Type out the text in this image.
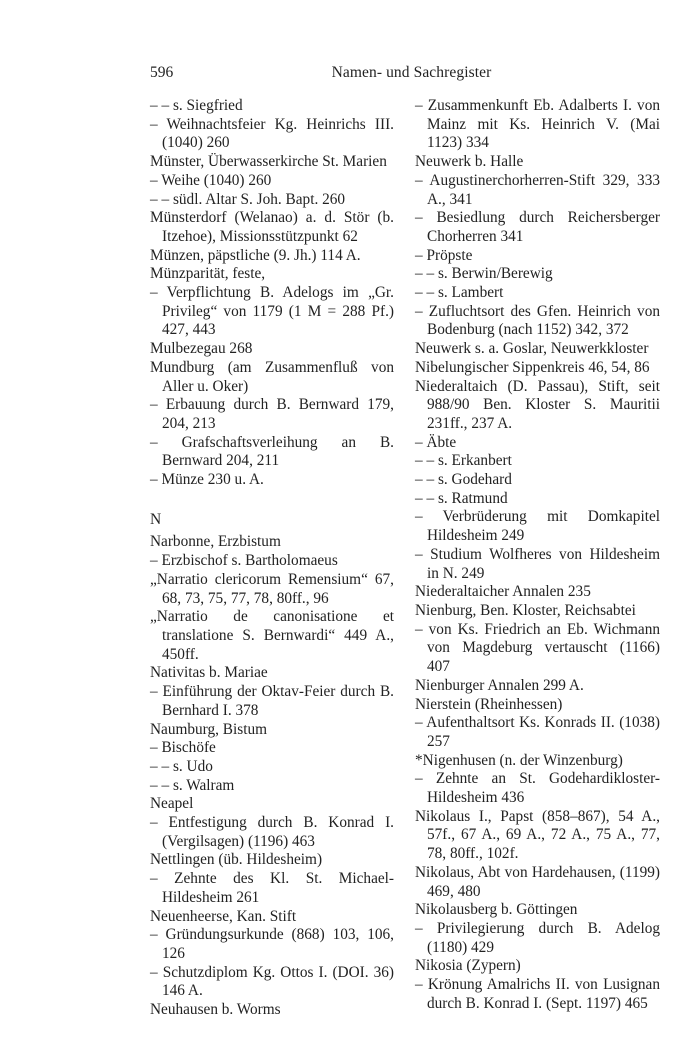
596	Namen- und Sachregister

– – s. Siegfried

– Weihnachtsfeier Kg. Heinrichs III. (1040) 260

Münster, Überwasserkirche St. Marien

– Weihe (1040) 260

– – südl. Altar S. Joh. Bapt. 260

Münsterdorf (Welanao) a. d. Stör (b. Itzehoe), Missionsstützpunkt 62

Münzen, päpstliche (9. Jh.) 114 A.

Münzparität, feste,

– Verpflichtung B. Adelogs im „Gr. Privileg“ von 1179 (1 M = 288 Pf.) 427, 443

Mulbezegau 268

Mundburg (am Zusammenfluß von Aller u. Oker)

– Erbauung durch B. Bernward 179, 204, 213

– Grafschaftsverleihung an B. Bernward 204, 211

– Münze 230 u. A.

N

Narbonne, Erzbistum

– Erzbischof s. Bartholomaeus

„Narratio clericorum Remensium“ 67, 68, 73, 75, 77, 78, 80ff., 96

„Narratio de canonisatione et translatione S. Bernwardi“ 449 A., 450ff.

Nativitas b. Mariae

– Einführung der Oktav-Feier durch B. Bernhard I. 378

Naumburg, Bistum

– Bischöfe

– – s. Udo

– – s. Walram

Neapel

– Entfestigung durch B. Konrad I. (Vergilsagen) (1196) 463

Nettlingen (üb. Hildesheim)

– Zehnte des Kl. St. Michael-Hildesheim 261

Neuenheerse, Kan. Stift

– Gründungsurkunde (868) 103, 106, 126

– Schutzdiplom Kg. Ottos I. (DOI. 36) 146 A.

Neuhausen b. Worms

– Zusammenkunft Eb. Adalberts I. von Mainz mit Ks. Heinrich V. (Mai 1123) 334

Neuwerk b. Halle

– Augustinerchorherren-Stift 329, 333 A., 341

– Besiedlung durch Reichersberger Chorherren 341

– Pröpste

– – s. Berwin/Berewig

– – s. Lambert

– Zufluchtsort des Gfen. Heinrich von Bodenburg (nach 1152) 342, 372

Neuwerk s. a. Goslar, Neuwerkkloster

Nibelungischer Sippenkreis 46, 54, 86

Niederaltaich (D. Passau), Stift, seit 988/90 Ben. Kloster S. Mauritii 231ff., 237 A.

– Äbte

– – s. Erkanbert

– – s. Godehard

– – s. Ratmund

– Verbrüderung mit Domkapitel Hildesheim 249

– Studium Wolfheres von Hildesheim in N. 249

Niederaltaicher Annalen 235

Nienburg, Ben. Kloster, Reichsabtei

– von Ks. Friedrich an Eb. Wichmann von Magdeburg vertauscht (1166) 407

Nienburger Annalen 299 A.

Nierstein (Rheinhessen)

– Aufenthaltsort Ks. Konrads II. (1038) 257

*Nigenhusen (n. der Winzenburg)

– Zehnte an St. Godehardikloster-Hildesheim 436

Nikolaus I., Papst (858–867), 54 A., 57f., 67 A., 69 A., 72 A., 75 A., 77, 78, 80ff., 102f.

Nikolaus, Abt von Hardehausen, (1199) 469, 480

Nikolausberg b. Göttingen

– Privilegierung durch B. Adelog (1180) 429

Nikosia (Zypern)

– Krönung Amalrichs II. von Lusignan durch B. Konrad I. (Sept. 1197) 465
